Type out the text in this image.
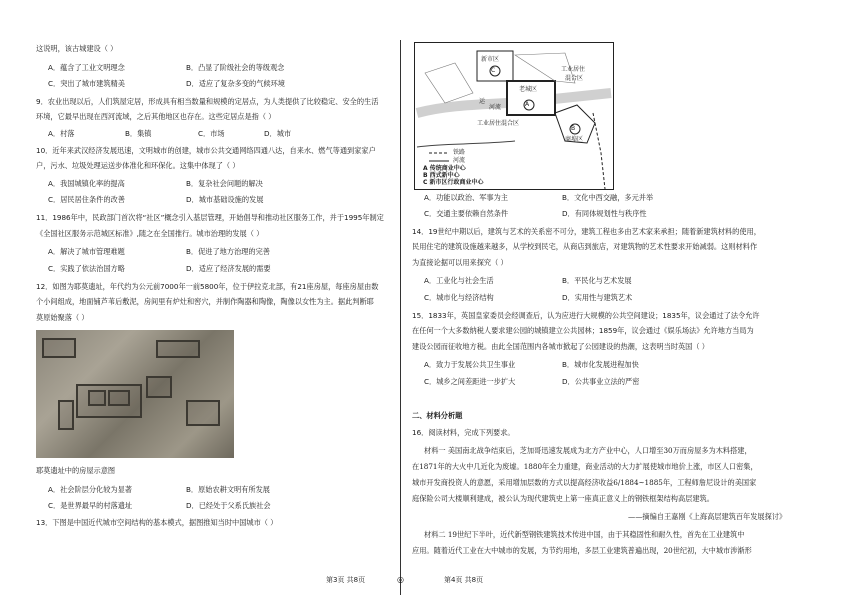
这说明，该古城建设（ ）
A．蕴含了工业文明理念	B．凸显了阶级社会的等级观念
C．突出了城市建筑精美	D．适应了复杂多变的气候环境
9．农业出现以后，人们筑屋定居，形成具有相当数量和规模的定居点，为人类提供了比较稳定、安全的生活
环境，它最早出现在西河流域，之后其他地区也存在。这些定居点是指（ ）
A．村落	B．集镇	C．市场	D．城市
10．近年来武汉经济发展迅速，文明城市的创建，城市公共交通网络四通八达，自来水、燃气等通到家家户
户，污水、垃圾处理运送步体准化和环保化。这集中体现了（ ）
A．我国城镇化率的提高	B．复杂社会问题的解决
C．居民居住条件的改善	D．城市基础设施的发展
11．1986年中，民政部门首次将“社区”概念引入基层管理，开始倡导和推动社区服务工作，并于1995年制定
《全国社区服务示范城区标准》,随之在全国推行。城市治理的发展（ ）
A．解决了城市管理难题	B．促进了地方治理的完善
C．实践了依法治国方略	D．适应了经济发展的需要
12．如图为耶莫遗址，年代约为公元前7000年一前5800年，位于伊拉克北部，有21座房屋，每座房屋由数
个小间组成，地面铺芦苇后敷泥，房间里有炉灶和窖穴，并制作陶器和陶像，陶像以女性为主。据此判断耶
莫原始聚落（ ）
耶莫遗址中的房屋示意图
A．社会阶层分化较为显著	B．原始农耕文明有所发展
C．是世界最早的村落遗址	D．已经处于父系氏族社会
13．下图是中国近代城市空间结构的基本模式，据图推知当时中国城市（ ）
第3页 共8页
新市区
C	工业居住
混合区
老城区
A
运
河流
工业居住混合区
B
商埠区
铁路
河流
A 传统商业中心
B 西式新中心
C 新市区行政商业中心
A．功能以政治、军事为主	B．文化中西交融，多元并举
C．交通主要依赖自然条件	D．有同体规划性与秩序性
14．19世纪中期以后，建筑与艺术的关系密不可分，建筑工程也多由艺术家来承担；随着新建筑材料的使用，
民用住宅的建筑设施越来越多，从学校到民宅，从商店到旅店，对建筑物的艺术性要求开始减弱。这则材料作
为直接论据可以用来探究（ ）
A．工业化与社会生活	B．平民化与艺术发展
C．城市化与经济结构	D．实用性与建筑艺术
15．1833年，英国皇家委员会经调查后，认为应进行大规模的公共空间建设；1835年，议会通过了法令允许
在任何一个大多数纳税人要求建公园的城镇建立公共园林；1859年，议会通过《娱乐场法》允许地方当局为
建设公园而征收地方税。由此全国范围内各城市掀起了公园建设的热潮，这表明当时英国（ ）
A．致力于发展公共卫生事业	B．城市化发展进程加快
C．城乡之间差距进一步扩大	D．公共事业立法的严密
二、材料分析题
16．阅读材料，完成下列要求。
材料一 美国南北战争结束后，芝加哥迅速发展成为北方产业中心，人口增至30万而房屋多为木料搭建，
在1871年的大火中几近化为废墟。1880年全力重建，商业活动的大力扩展使城市地价上涨，市区人口密集，
城市开发商投资人的意愿，采用增加层数的方式以提高经济收益6/1884~1885年，工程师詹尼设计的美国家
庭保险公司大楼顺利建成，被公认为现代建筑史上第一座真正意义上的钢铁框架结构高层建筑。
——摘编自王嘉刚《上海高层建筑百年发展探讨》
材料二 19世纪下半叶，近代新型钢铁建筑技术传进中国，由于其稳固性和耐久性，首先在工业建筑中
应用。随着近代工业在大中城市的发展，为节约用地，多层工业建筑普遍出现，20世纪初，大中城市涉渐形
◎	第4页 共8页
